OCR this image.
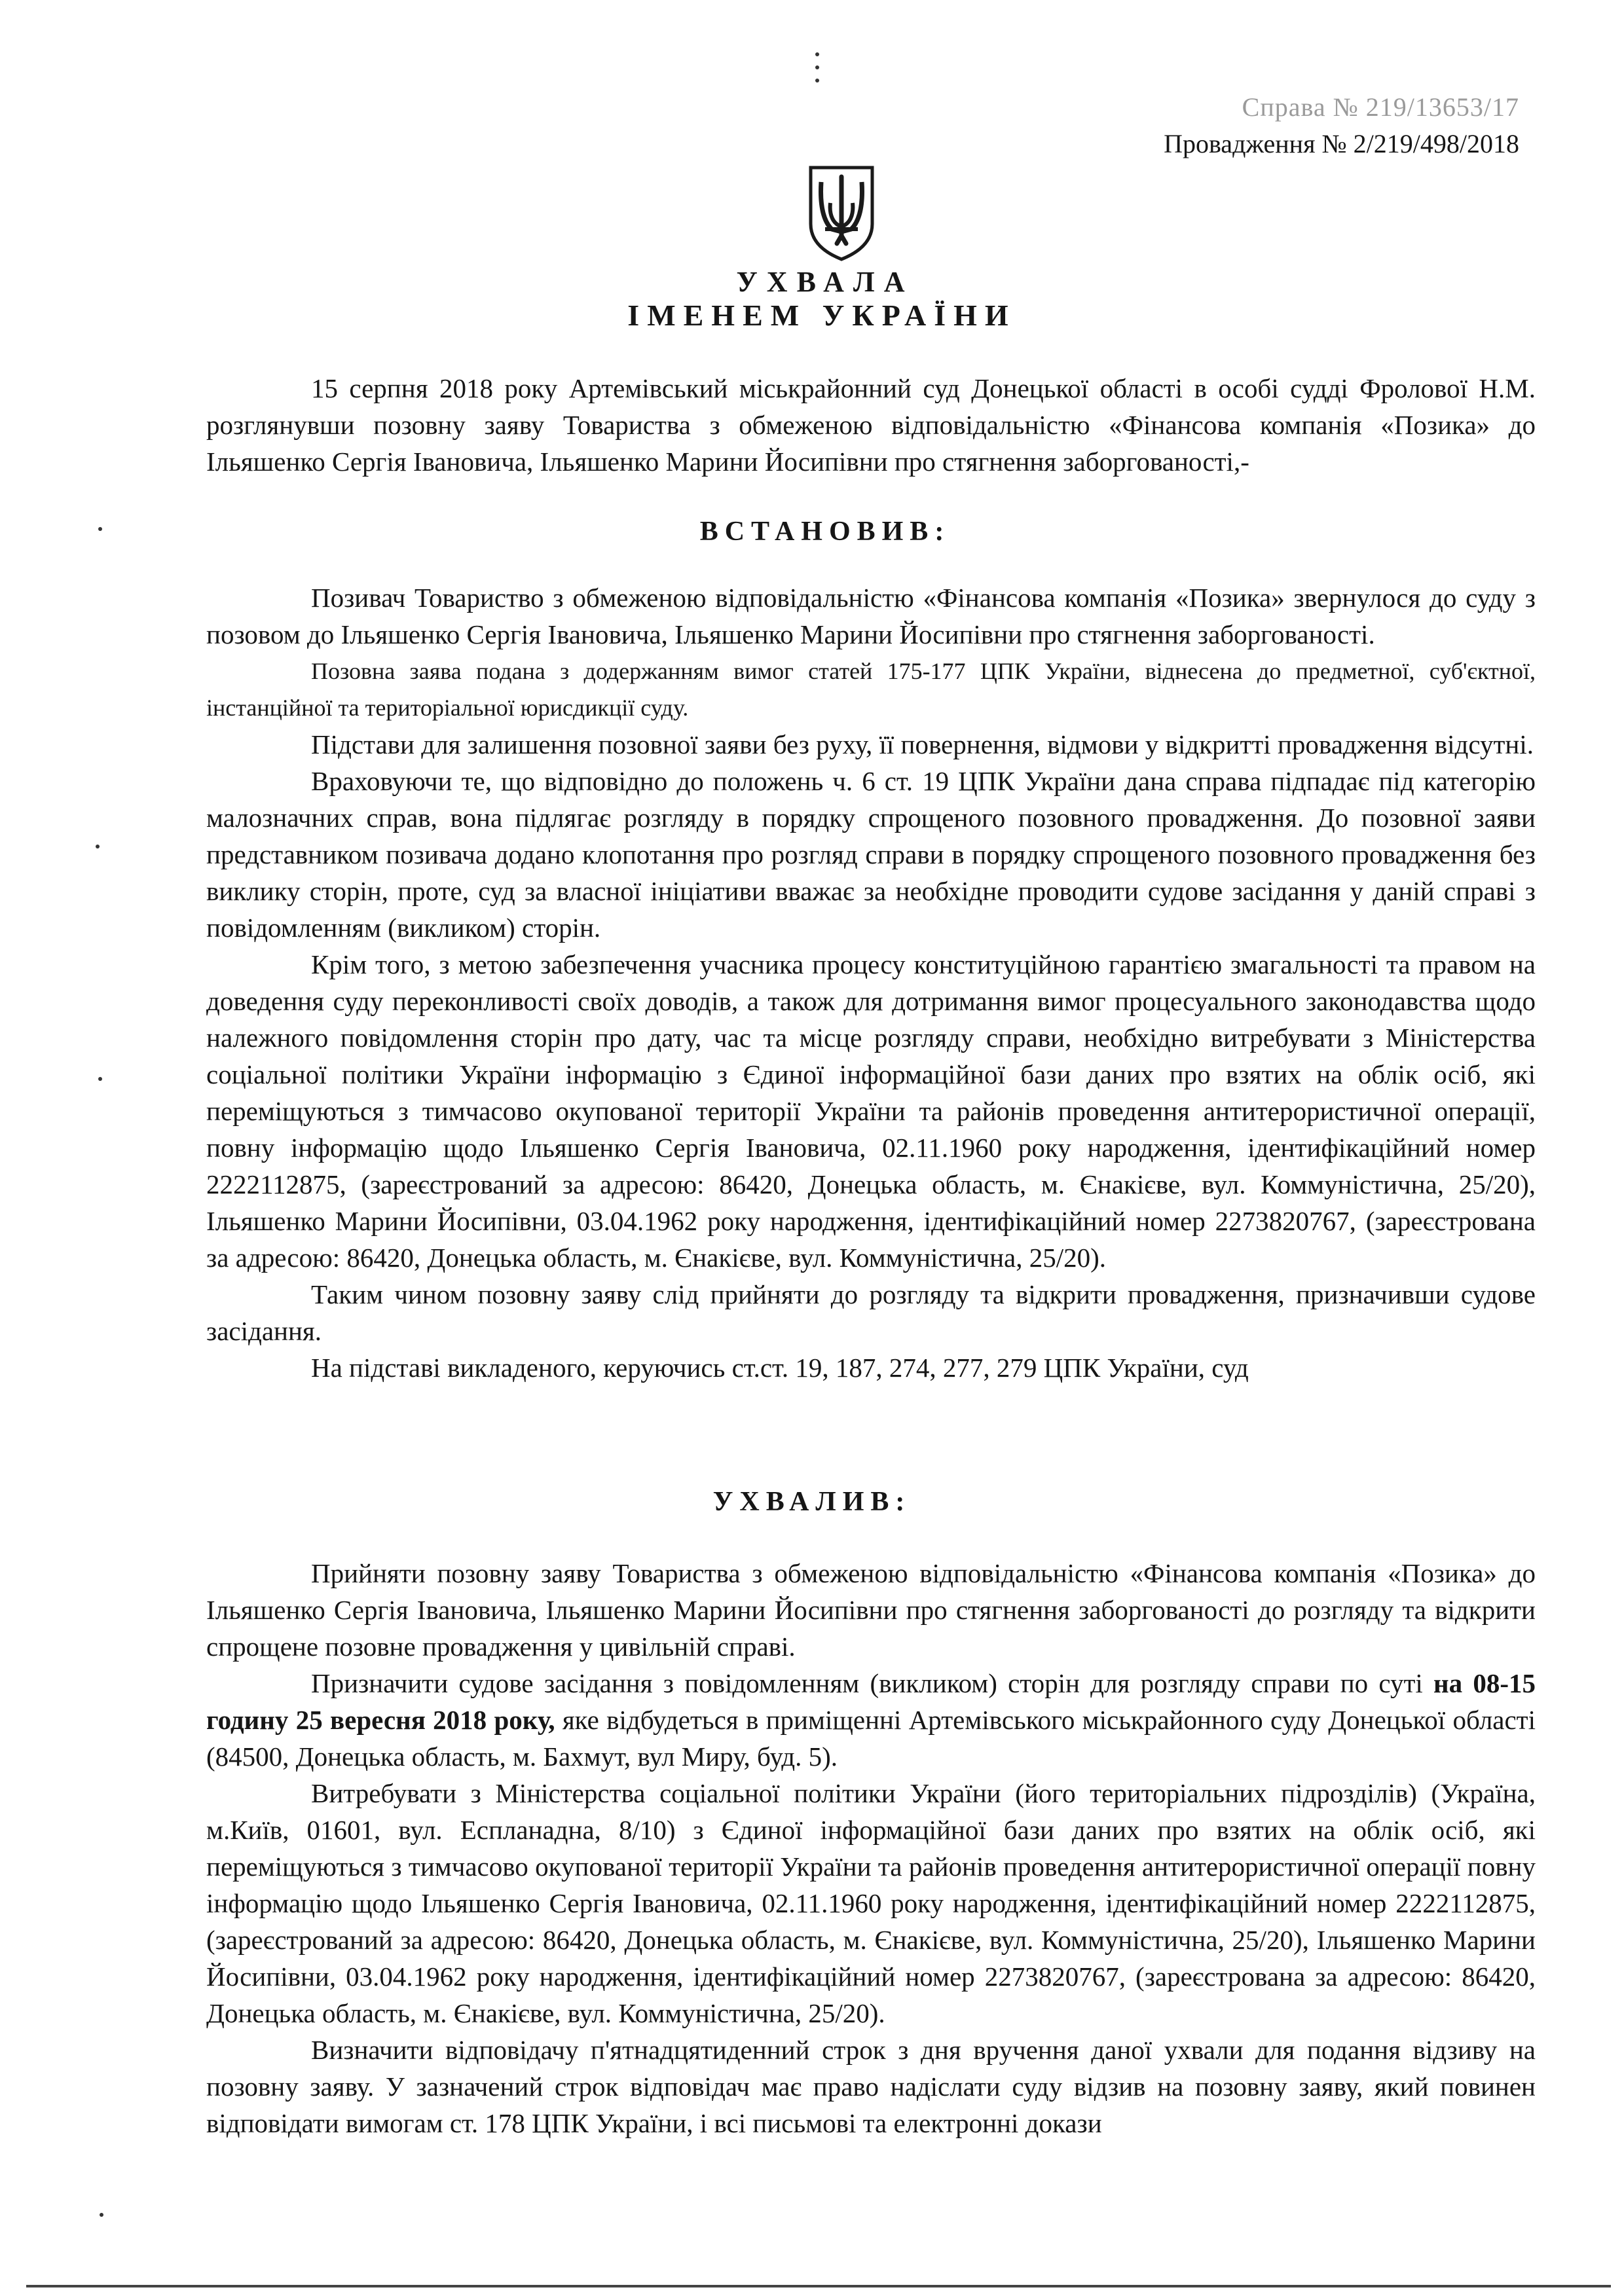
Справа № 219/13653/17
Провадження № 2/219/498/2018
УХВАЛА
ІМЕНЕМ УКРАЇНИ

15 серпня 2018 року Артемівський міськрайонний суд Донецької області в особі судді Фролової Н.М. розглянувши позовну заяву Товариства з обмеженою відповідальністю «Фінансова компанія «Позика» до Ільяшенко Сергія Івановича, Ільяшенко Марини Йосипівни про стягнення заборгованості,-

ВСТАНОВИВ:

Позивач Товариство з обмеженою відповідальністю «Фінансова компанія «Позика» звернулося до суду з позовом до Ільяшенко Сергія Івановича, Ільяшенко Марини Йосипівни про стягнення заборгованості.

Позовна заява подана з додержанням вимог статей 175-177 ЦПК України, віднесена до предметної, суб'єктної, інстанційної та територіальної юрисдикції суду.

Підстави для залишення позовної заяви без руху, її повернення, відмови у відкритті провадження відсутні.

Враховуючи те, що відповідно до положень ч. 6 ст. 19 ЦПК України дана справа підпадає під категорію малозначних справ, вона підлягає розгляду в порядку спрощеного позовного провадження. До позовної заяви представником позивача додано клопотання про розгляд справи в порядку спрощеного позовного провадження без виклику сторін, проте, суд за власної ініціативи вважає за необхідне проводити судове засідання у даній справі з повідомленням (викликом) сторін.

Крім того, з метою забезпечення учасника процесу конституційною гарантією змагальності та правом на доведення суду переконливості своїх доводів, а також для дотримання вимог процесуального законодавства щодо належного повідомлення сторін про дату, час та місце розгляду справи, необхідно витребувати з Міністерства соціальної політики України інформацію з Єдиної інформаційної бази даних про взятих на облік осіб, які переміщуються з тимчасово окупованої території України та районів проведення антитерористичної операції, повну інформацію щодо Ільяшенко Сергія Івановича, 02.11.1960 року народження, ідентифікаційний номер 2222112875, (зареєстрований за адресою: 86420, Донецька область, м. Єнакієве, вул. Коммуністична, 25/20), Ільяшенко Марини Йосипівни, 03.04.1962 року народження, ідентифікаційний номер 2273820767, (зареєстрована за адресою: 86420, Донецька область, м. Єнакієве, вул. Коммуністична, 25/20).

Таким чином позовну заяву слід прийняти до розгляду та відкрити провадження, призначивши судове засідання.

На підставі викладеного, керуючись ст.ст. 19, 187, 274, 277, 279 ЦПК України, суд

УХВАЛИВ:

Прийняти позовну заяву Товариства з обмеженою відповідальністю «Фінансова компанія «Позика» до Ільяшенко Сергія Івановича, Ільяшенко Марини Йосипівни про стягнення заборгованості до розгляду та відкрити спрощене позовне провадження у цивільній справі.

Призначити судове засідання з повідомленням (викликом) сторін для розгляду справи по суті на 08-15 годину 25 вересня 2018 року, яке відбудеться в приміщенні Артемівського міськрайонного суду Донецької області (84500, Донецька область, м. Бахмут, вул Миру, буд. 5).

Витребувати з Міністерства соціальної політики України (його територіальних підрозділів) (Україна, м.Київ, 01601, вул. Еспланадна, 8/10) з Єдиної інформаційної бази даних про взятих на облік осіб, які переміщуються з тимчасово окупованої території України та районів проведення антитерористичної операції повну інформацію щодо Ільяшенко Сергія Івановича, 02.11.1960 року народження, ідентифікаційний номер 2222112875, (зареєстрований за адресою: 86420, Донецька область, м. Єнакієве, вул. Коммуністична, 25/20), Ільяшенко Марини Йосипівни, 03.04.1962 року народження, ідентифікаційний номер 2273820767, (зареєстрована за адресою: 86420, Донецька область, м. Єнакієве, вул. Коммуністична, 25/20).

Визначити відповідачу п'ятнадцятиденний строк з дня вручення даної ухвали для подання відзиву на позовну заяву. У зазначений строк відповідач має право надіслати суду відзив на позовну заяву, який повинен відповідати вимогам ст. 178 ЦПК України, і всі письмові та електронні докази
